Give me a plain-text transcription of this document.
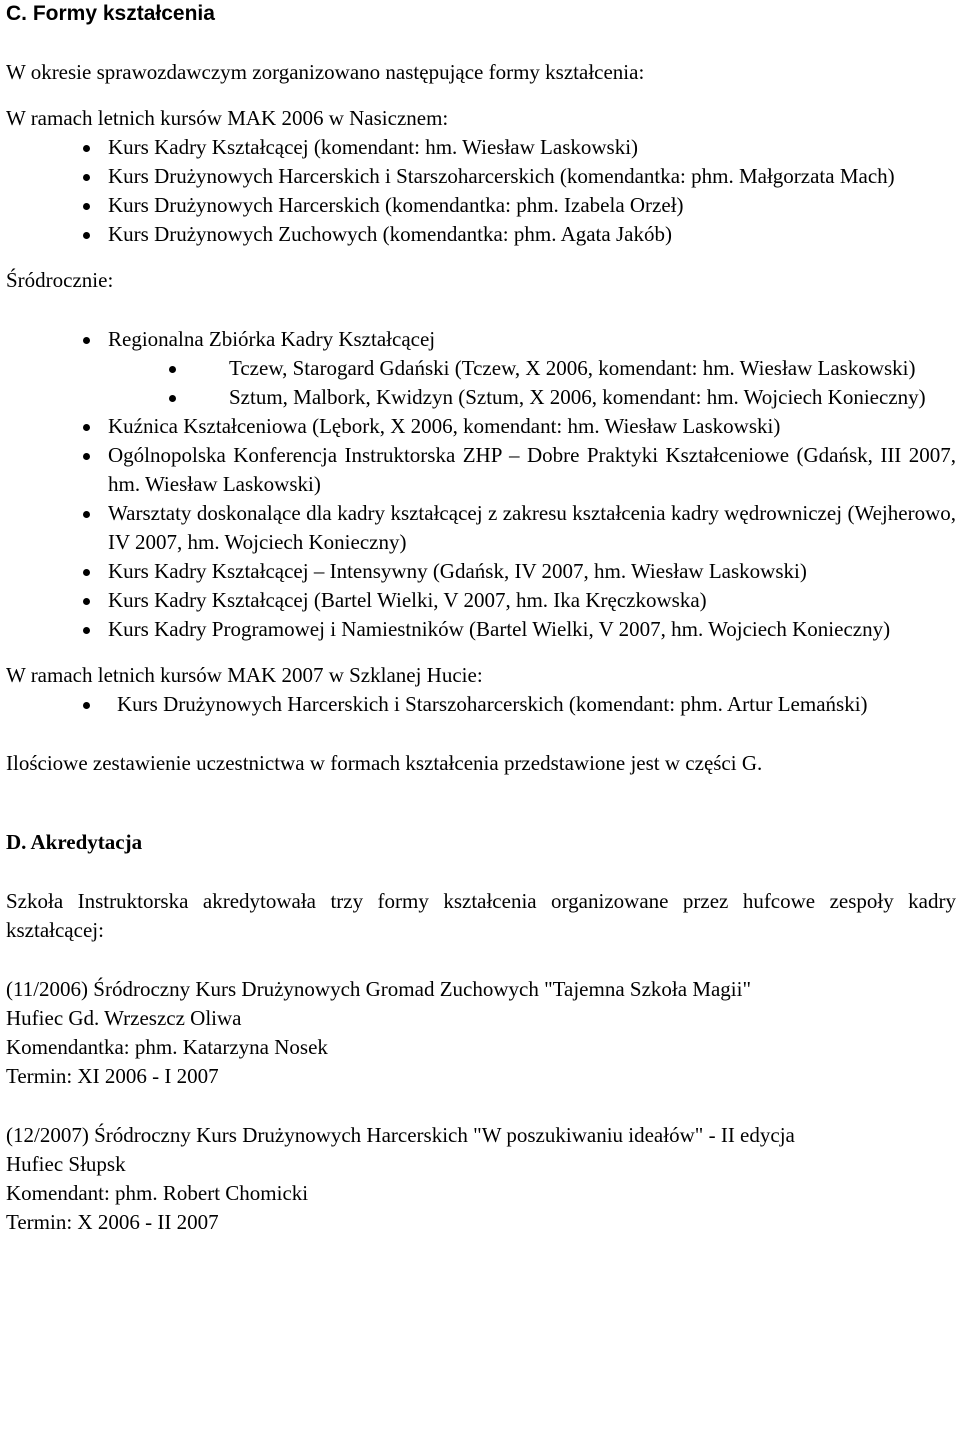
C. Formy kształcenia

W okresie sprawozdawczym zorganizowano następujące formy kształcenia:

W ramach letnich kursów MAK 2006 w Nasicznem:

Kurs Kadry Kształcącej (komendant: hm. Wiesław Laskowski)
Kurs Drużynowych Harcerskich i Starszoharcerskich (komendantka: phm. Małgorzata Mach)
Kurs Drużynowych Harcerskich (komendantka: phm. Izabela Orzeł)
Kurs Drużynowych Zuchowych (komendantka: phm. Agata Jakób)

Śródrocznie:

Regionalna Zbiórka Kadry Kształcącej
Tczew, Starogard Gdański (Tczew, X 2006, komendant: hm. Wiesław Laskowski)
Sztum, Malbork, Kwidzyn (Sztum, X 2006, komendant: hm. Wojciech Konieczny)
Kuźnica Kształceniowa (Lębork, X 2006, komendant: hm. Wiesław Laskowski)
Ogólnopolska Konferencja Instruktorska ZHP – Dobre Praktyki Kształceniowe (Gdańsk, III 2007, hm. Wiesław Laskowski)
Warsztaty doskonalące dla kadry kształcącej z zakresu kształcenia kadry wędrowniczej (Wejherowo, IV 2007, hm. Wojciech Konieczny)
Kurs Kadry Kształcącej – Intensywny (Gdańsk, IV 2007, hm. Wiesław Laskowski)
Kurs Kadry Kształcącej (Bartel Wielki, V 2007, hm. Ika Kręczkowska)
Kurs Kadry Programowej i Namiestników (Bartel Wielki, V 2007, hm. Wojciech Konieczny)

W ramach letnich kursów MAK 2007 w Szklanej Hucie:

Kurs Drużynowych Harcerskich i Starszoharcerskich (komendant: phm. Artur Lemański)

Ilościowe zestawienie uczestnictwa w formach kształcenia przedstawione jest w części G.

D. Akredytacja

Szkoła Instruktorska akredytowała trzy formy kształcenia organizowane przez hufcowe zespoły kadry kształcącej:

(11/2006) Śródroczny Kurs Drużynowych Gromad Zuchowych "Tajemna Szkoła Magii"

Hufiec Gd. Wrzeszcz Oliwa

Komendantka: phm. Katarzyna Nosek

Termin: XI 2006 - I 2007

(12/2007) Śródroczny Kurs Drużynowych Harcerskich "W poszukiwaniu ideałów" - II edycja

Hufiec Słupsk

Komendant: phm. Robert Chomicki

Termin: X 2006 - II 2007
